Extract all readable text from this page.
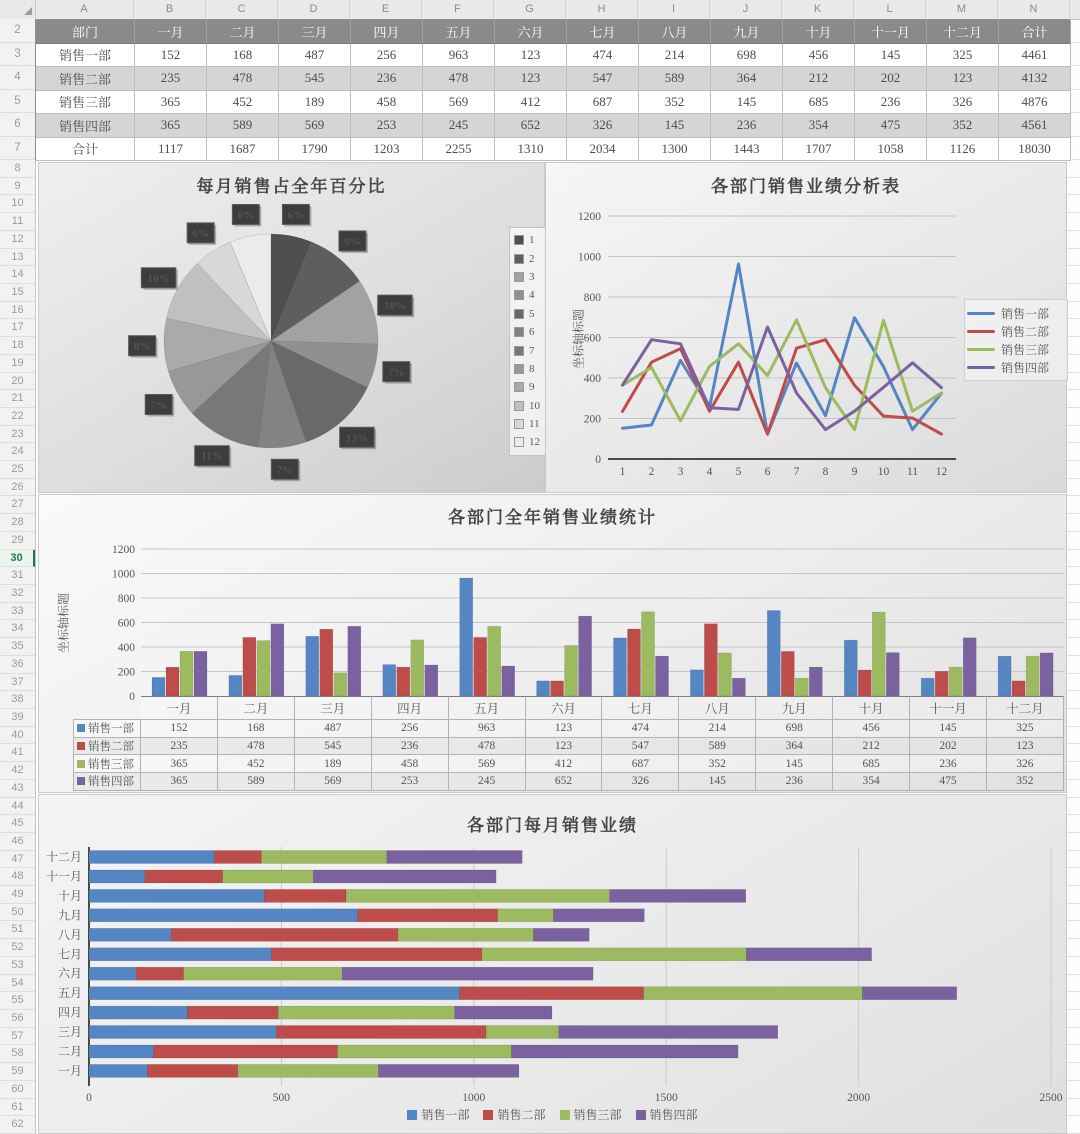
A	B	C	D	E	F	G	H	I	J	K	L	M	N
2
3
4
5
6
7
8
9
10
11
12
13
14
15
16
17
18
19
20
21
22
23
24
25
26
27
28
29
30
31
32
33
34
35
36
37
38
39
40
41
42
43
44
45
46
47
48
49
50
51
52
53
54
55
56
57
58
59
60
61
62
部门	一月	二月	三月	四月	五月	六月	七月	八月	九月	十月	十一月	十二月	合计
销售一部	152	168	487	256	963	123	474	214	698	456	145	325	4461
销售二部	235	478	545	236	478	123	547	589	364	212	202	123	4132
销售三部	365	452	189	458	569	412	687	352	145	685	236	326	4876
销售四部	365	589	569	253	245	652	326	145	236	354	475	352	4561
合计	1117	1687	1790	1203	2255	1310	2034	1300	1443	1707	1058	1126	18030
6%
9%
10%
7%
13%
7%
11%
7%
8%
10%
6%
6%
每月销售占全年百分比
1
2
3
4
5
6
7
8
9
10
11
12
0
200
400
600
800
1000
1200
1 2 3 4 5 6 7 8 9 10 11 12
各部门销售业绩分析表
坐标轴标题	销售一部
销售二部
销售三部
销售四部
0
200
400
600
800
1000
1200
各部门全年销售业绩统计
坐标轴标题
一月	二月	三月	四月	五月	六月	七月	八月	九月	十月	十一月	十二月
销售一部	152	168	487	256	963	123	474	214	698	456	145	325
销售二部	235	478	545	236	478	123	547	589	364	212	202	123
销售三部	365	452	189	458	569	412	687	352	145	685	236	326
销售四部	365	589	569	253	245	652	326	145	236	354	475	352
0	500	1000	1500	2000	2500
十二月
十一月
十月
九月
八月
七月
六月
五月
四月
三月
二月
一月
各部门每月销售业绩
销售一部 销售二部 销售三部 销售四部
